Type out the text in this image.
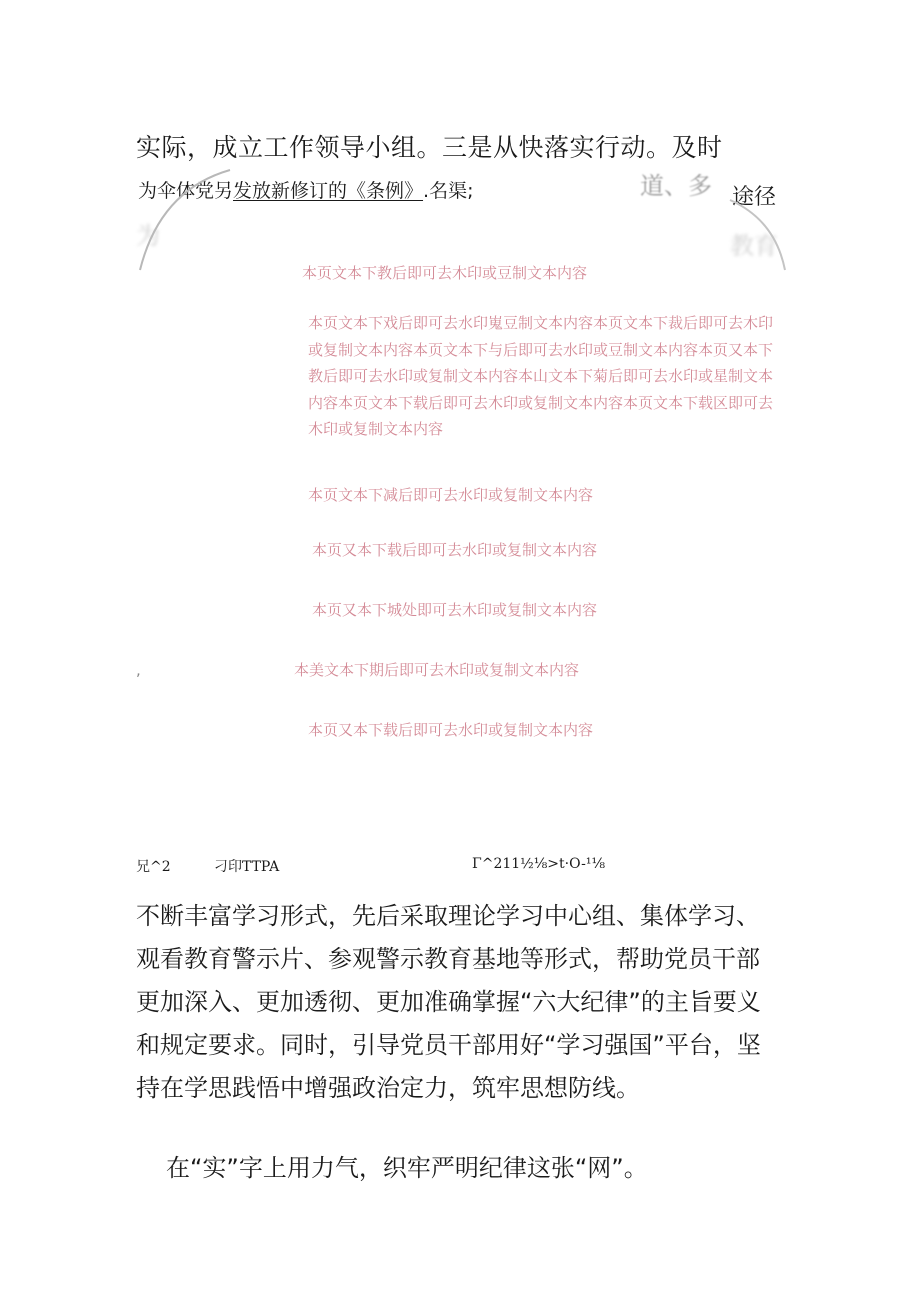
实际，成立工作领导小组。三是从快落实行动。及时
为伞体党另发放新修订的《条例》.名渠;	道、多 途径
为	教育
本页文本下教后即可去木印或豆制文本内容
本页文本下戏后即可去水印嵬豆制文本内容本页文本下裁后即可去木印或复制文本内容本页文本下与后即可去水印或豆制文本内容本页又本下教后即可去水印或复制文本内容本山文本下菊后即可去水印或星制文本内容本页文本下载后即可去木印或复制文本内容本页文本下载区即可去木印或复制文本内容
本页文本下减后即可去水印或复制文本内容
本页又本下载后即可去水印或复制文本内容
本页又本下城处即可去木印或复制文本内容
,	本美文本下期后即可去木印或复制文本内容
本页又本下载后即可去水印或复制文本内容
兄^2	刁印TTPA	Γ^211½⅛>t·O-¹⅛
不断丰富学习形式，先后采取理论学习中心组、集体学习、观看教育警示片、参观警示教育基地等形式，帮助党员干部更加深入、更加透彻、更加准确掌握“六大纪律”的主旨要义和规定要求。同时，引导党员干部用好“学习强国”平台，坚持在学思践悟中增强政治定力，筑牢思想防线。
在“实”字上用力气，织牢严明纪律这张“网”。
